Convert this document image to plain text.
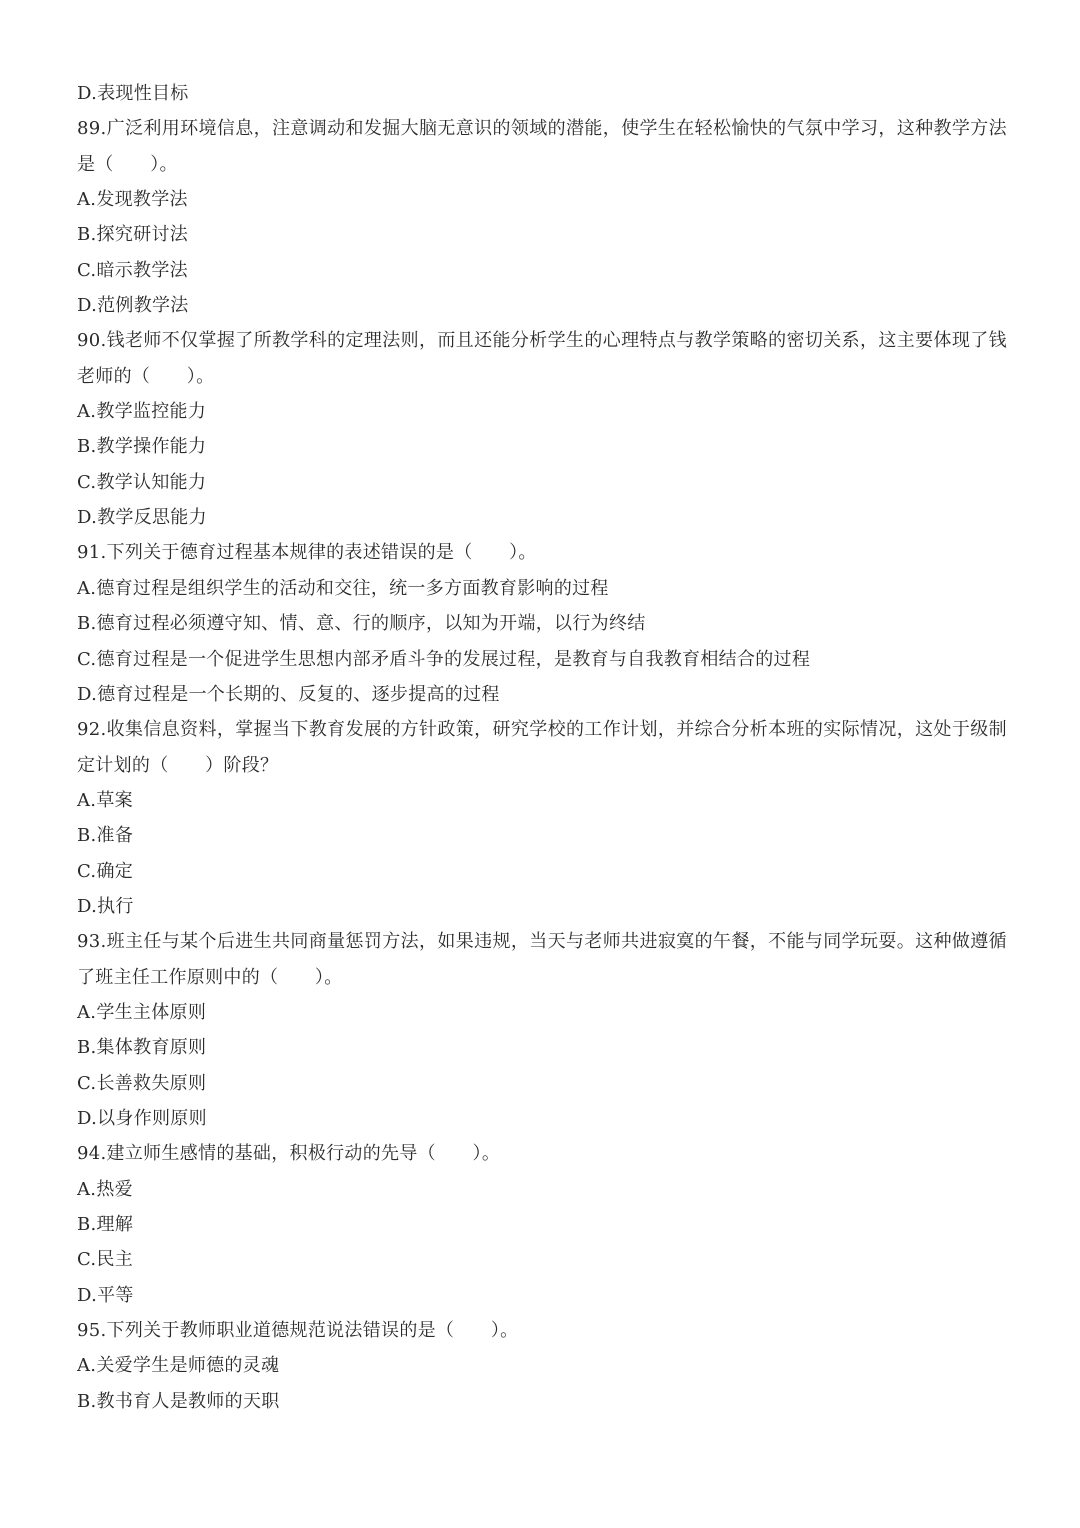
D.表现性目标
89.广泛利用环境信息，注意调动和发掘大脑无意识的领域的潜能，使学生在轻松愉快的气氛中学习，这种教学方法是（　　）。
A.发现教学法
B.探究研讨法
C.暗示教学法
D.范例教学法
90.钱老师不仅掌握了所教学科的定理法则，而且还能分析学生的心理特点与教学策略的密切关系，这主要体现了钱老师的（　　）。
A.教学监控能力
B.教学操作能力
C.教学认知能力
D.教学反思能力
91.下列关于德育过程基本规律的表述错误的是（　　）。
A.德育过程是组织学生的活动和交往，统一多方面教育影响的过程
B.德育过程必须遵守知、情、意、行的顺序，以知为开端，以行为终结
C.德育过程是一个促进学生思想内部矛盾斗争的发展过程，是教育与自我教育相结合的过程
D.德育过程是一个长期的、反复的、逐步提高的过程
92.收集信息资料，掌握当下教育发展的方针政策，研究学校的工作计划，并综合分析本班的实际情况，这处于级制定计划的（　　）阶段？
A.草案
B.准备
C.确定
D.执行
93.班主任与某个后进生共同商量惩罚方法，如果违规，当天与老师共进寂寞的午餐，不能与同学玩耍。这种做遵循了班主任工作原则中的（　　）。
A.学生主体原则
B.集体教育原则
C.长善救失原则
D.以身作则原则
94.建立师生感情的基础，积极行动的先导（　　）。
A.热爱
B.理解
C.民主
D.平等
95.下列关于教师职业道德规范说法错误的是（　　）。
A.关爱学生是师德的灵魂
B.教书育人是教师的天职
